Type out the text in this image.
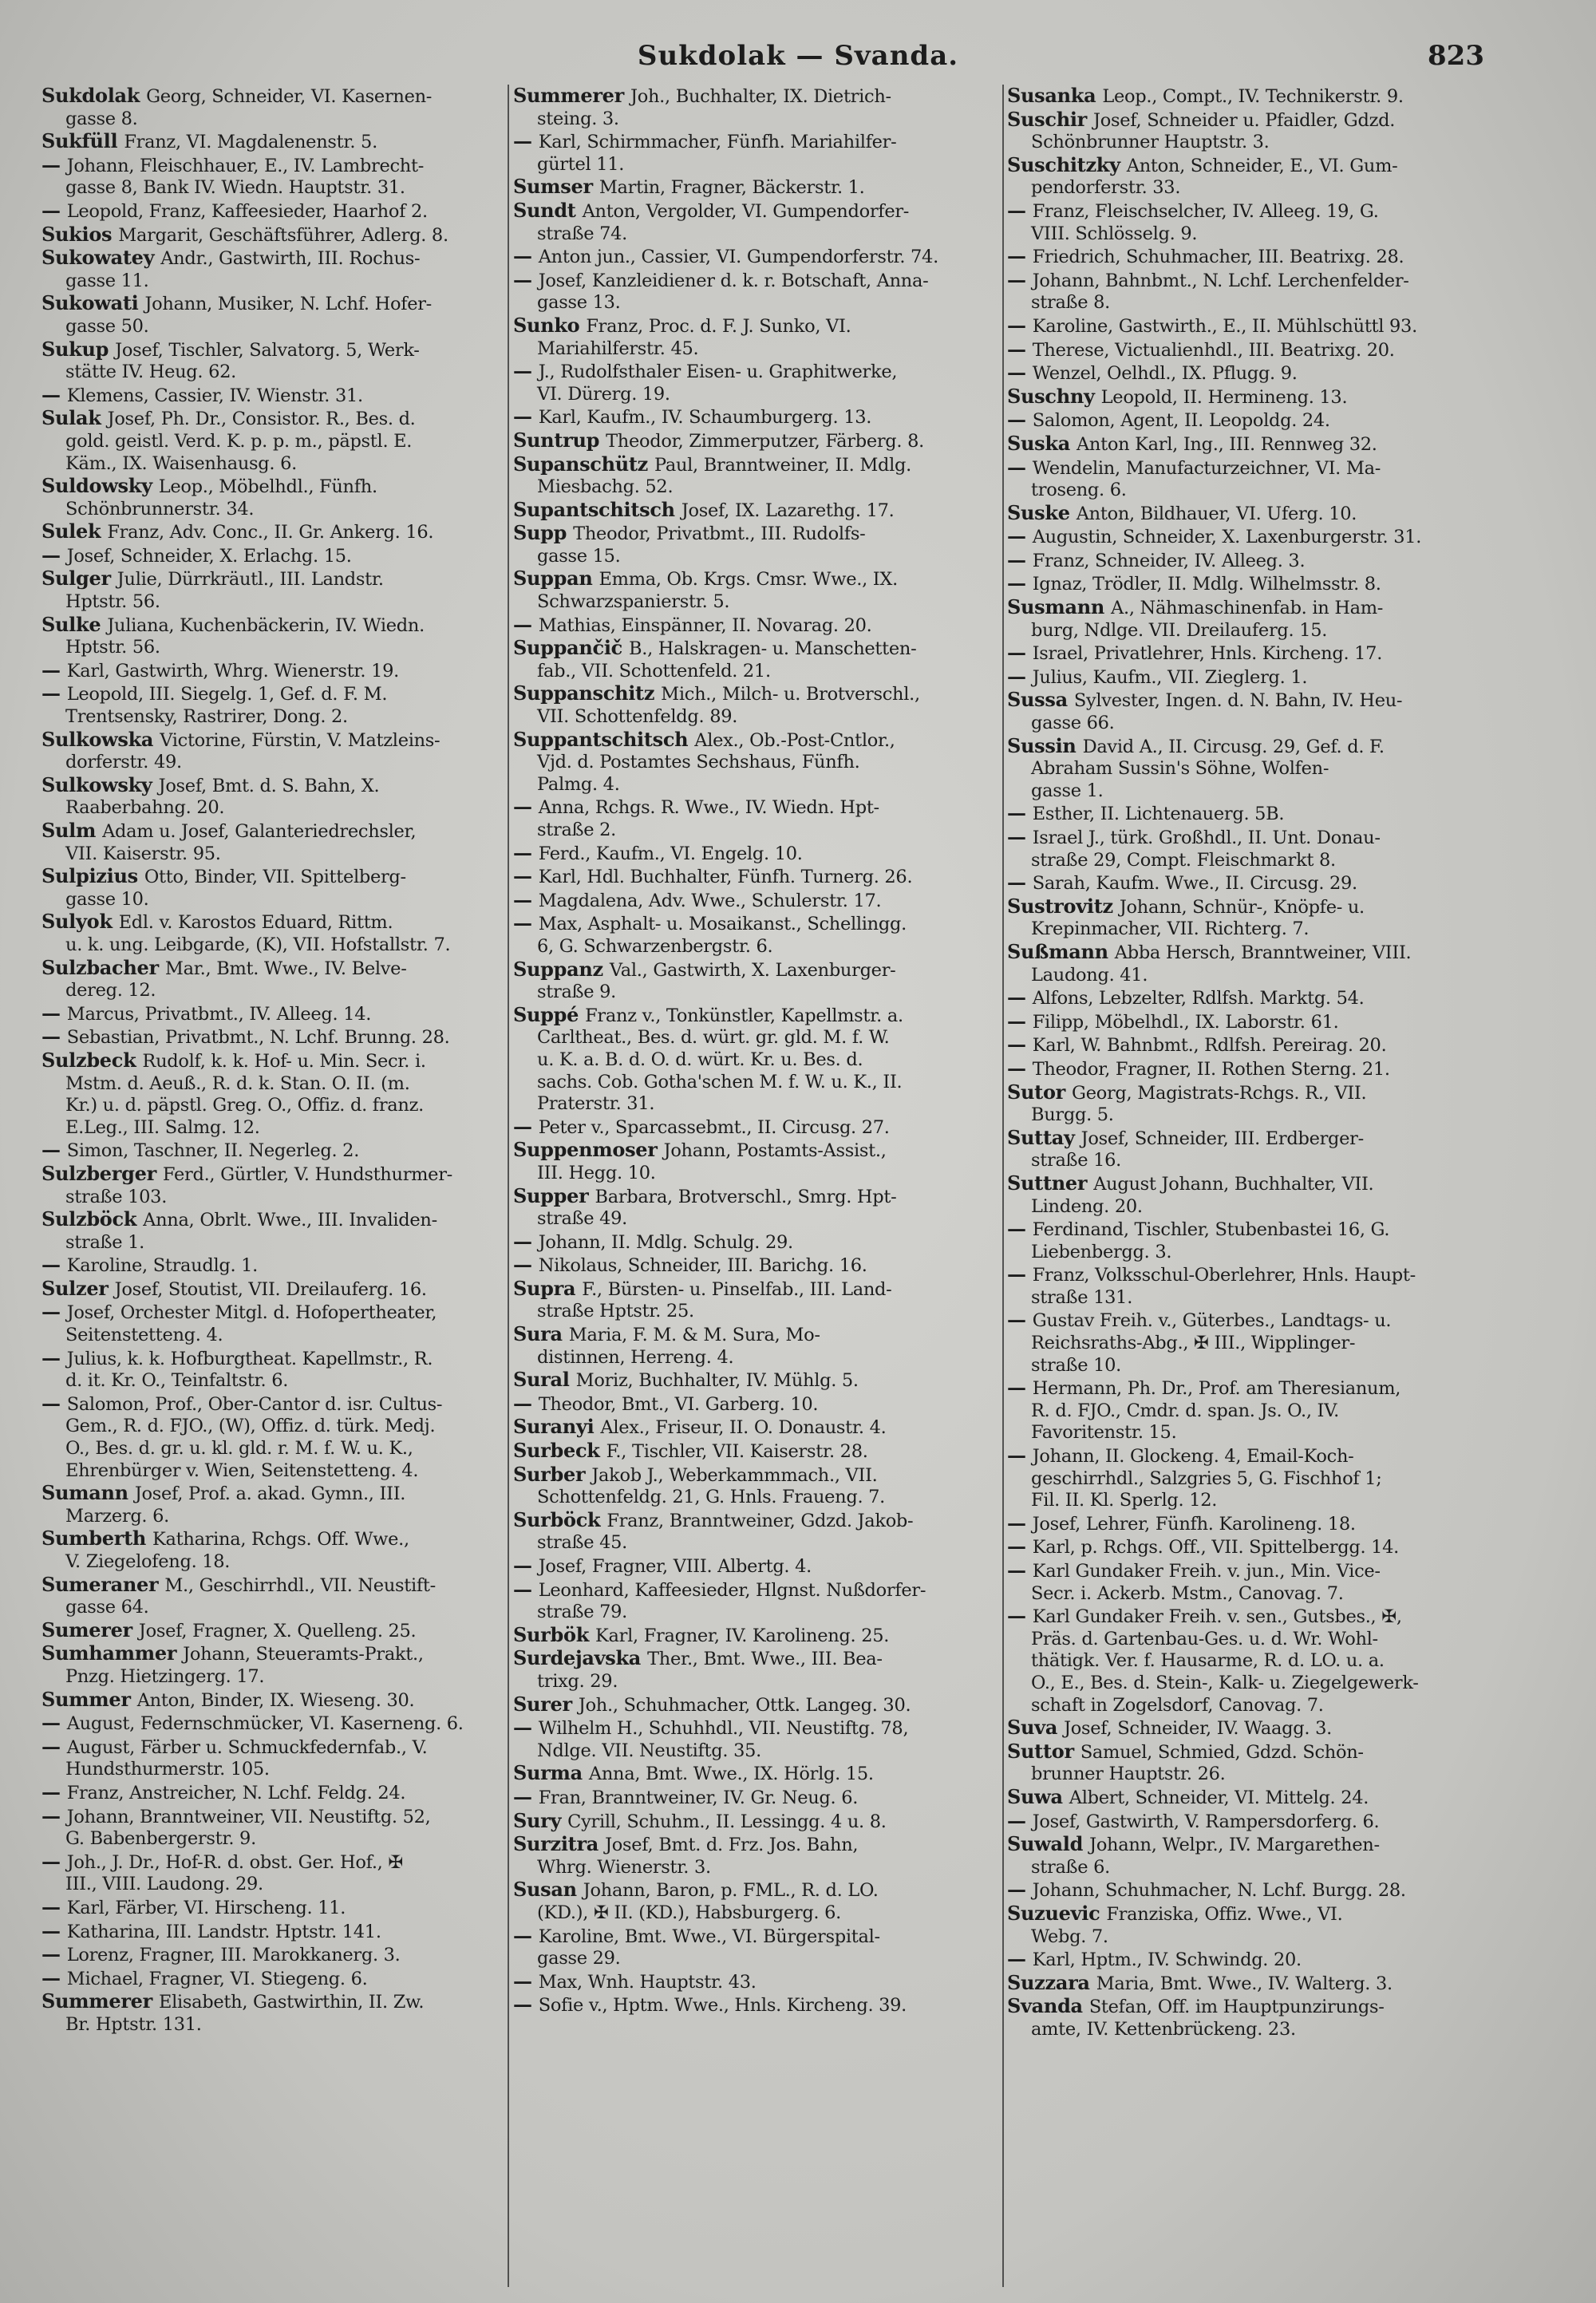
Sukdolak — Svanda.	823
Sukdolak Georg, Schneider, VI. Kasernen-
gasse 8.
Sukfüll Franz, VI. Magdalenenstr. 5.
— Johann, Fleischhauer, E., IV. Lambrecht-
gasse 8, Bank IV. Wiedn. Hauptstr. 31.
— Leopold, Franz, Kaffeesieder, Haarhof 2.
Sukios Margarit, Geschäftsführer, Adlerg. 8.
Sukowatey Andr., Gastwirth, III. Rochus-
gasse 11.
Sukowati Johann, Musiker, N. Lchf. Hofer-
gasse 50.
Sukup Josef, Tischler, Salvatorg. 5, Werk-
stätte IV. Heug. 62.
— Klemens, Cassier, IV. Wienstr. 31.
Sulak Josef, Ph. Dr., Consistor. R., Bes. d.
gold. geistl. Verd. K. p. p. m., päpstl. E.
Käm., IX. Waisenhausg. 6.
Suldowsky Leop., Möbelhdl., Fünfh.
Schönbrunnerstr. 34.
Sulek Franz, Adv. Conc., II. Gr. Ankerg. 16.
— Josef, Schneider, X. Erlachg. 15.
Sulger Julie, Dürrkräutl., III. Landstr.
Hptstr. 56.
Sulke Juliana, Kuchenbäckerin, IV. Wiedn.
Hptstr. 56.
— Karl, Gastwirth, Whrg. Wienerstr. 19.
— Leopold, III. Siegelg. 1, Gef. d. F. M.
Trentsensky, Rastrirer, Dong. 2.
Sulkowska Victorine, Fürstin, V. Matzleins-
dorferstr. 49.
Sulkowsky Josef, Bmt. d. S. Bahn, X.
Raaberbahng. 20.
Sulm Adam u. Josef, Galanteriedrechsler,
VII. Kaiserstr. 95.
Sulpizius Otto, Binder, VII. Spittelberg-
gasse 10.
Sulyok Edl. v. Karostos Eduard, Rittm.
u. k. ung. Leibgarde, (K), VII. Hofstallstr. 7.
Sulzbacher Mar., Bmt. Wwe., IV. Belve-
dereg. 12.
— Marcus, Privatbmt., IV. Alleeg. 14.
— Sebastian, Privatbmt., N. Lchf. Brunng. 28.
Sulzbeck Rudolf, k. k. Hof- u. Min. Secr. i.
Mstm. d. Aeuß., R. d. k. Stan. O. II. (m.
Kr.) u. d. päpstl. Greg. O., Offiz. d. franz.
E.Leg., III. Salmg. 12.
— Simon, Taschner, II. Negerleg. 2.
Sulzberger Ferd., Gürtler, V. Hundsthurmer-
straße 103.
Sulzböck Anna, Obrlt. Wwe., III. Invaliden-
straße 1.
— Karoline, Straudlg. 1.
Sulzer Josef, Stoutist, VII. Dreilauferg. 16.
— Josef, Orchester Mitgl. d. Hofopertheater,
Seitenstetteng. 4.
— Julius, k. k. Hofburgtheat. Kapellmstr., R.
d. it. Kr. O., Teinfaltstr. 6.
— Salomon, Prof., Ober-Cantor d. isr. Cultus-
Gem., R. d. FJO., (W), Offiz. d. türk. Medj.
O., Bes. d. gr. u. kl. gld. r. M. f. W. u. K.,
Ehrenbürger v. Wien, Seitenstetteng. 4.
Sumann Josef, Prof. a. akad. Gymn., III.
Marzerg. 6.
Sumberth Katharina, Rchgs. Off. Wwe.,
V. Ziegelofeng. 18.
Sumeraner M., Geschirrhdl., VII. Neustift-
gasse 64.
Sumerer Josef, Fragner, X. Quelleng. 25.
Sumhammer Johann, Steueramts-Prakt.,
Pnzg. Hietzingerg. 17.
Summer Anton, Binder, IX. Wieseng. 30.
— August, Federnschmücker, VI. Kaserneng. 6.
— August, Färber u. Schmuckfedernfab., V.
Hundsthurmerstr. 105.
— Franz, Anstreicher, N. Lchf. Feldg. 24.
— Johann, Branntweiner, VII. Neustiftg. 52,
G. Babenbergerstr. 9.
— Joh., J. Dr., Hof-R. d. obst. Ger. Hof., ✠
III., VIII. Laudong. 29.
— Karl, Färber, VI. Hirscheng. 11.
— Katharina, III. Landstr. Hptstr. 141.
— Lorenz, Fragner, III. Marokkanerg. 3.
— Michael, Fragner, VI. Stiegeng. 6.
Summerer Elisabeth, Gastwirthin, II. Zw.
Br. Hptstr. 131.
Summerer Joh., Buchhalter, IX. Dietrich-
steing. 3.
— Karl, Schirmmacher, Fünfh. Mariahilfer-
gürtel 11.
Sumser Martin, Fragner, Bäckerstr. 1.
Sundt Anton, Vergolder, VI. Gumpendorfer-
straße 74.
— Anton jun., Cassier, VI. Gumpendorferstr. 74.
— Josef, Kanzleidiener d. k. r. Botschaft, Anna-
gasse 13.
Sunko Franz, Proc. d. F. J. Sunko, VI.
Mariahilferstr. 45.
— J., Rudolfsthaler Eisen- u. Graphitwerke,
VI. Dürerg. 19.
— Karl, Kaufm., IV. Schaumburgerg. 13.
Suntrup Theodor, Zimmerputzer, Färberg. 8.
Supanschütz Paul, Branntweiner, II. Mdlg.
Miesbachg. 52.
Supantschitsch Josef, IX. Lazarethg. 17.
Supp Theodor, Privatbmt., III. Rudolfs-
gasse 15.
Suppan Emma, Ob. Krgs. Cmsr. Wwe., IX.
Schwarzspanierstr. 5.
— Mathias, Einspänner, II. Novarag. 20.
Suppančič B., Halskragen- u. Manschetten-
fab., VII. Schottenfeld. 21.
Suppanschitz Mich., Milch- u. Brotverschl.,
VII. Schottenfeldg. 89.
Suppantschitsch Alex., Ob.-Post-Cntlor.,
Vjd. d. Postamtes Sechshaus, Fünfh.
Palmg. 4.
— Anna, Rchgs. R. Wwe., IV. Wiedn. Hpt-
straße 2.
— Ferd., Kaufm., VI. Engelg. 10.
— Karl, Hdl. Buchhalter, Fünfh. Turnerg. 26.
— Magdalena, Adv. Wwe., Schulerstr. 17.
— Max, Asphalt- u. Mosaikanst., Schellingg.
6, G. Schwarzenbergstr. 6.
Suppanz Val., Gastwirth, X. Laxenburger-
straße 9.
Suppé Franz v., Tonkünstler, Kapellmstr. a.
Carltheat., Bes. d. würt. gr. gld. M. f. W.
u. K. a. B. d. O. d. würt. Kr. u. Bes. d.
sachs. Cob. Gotha'schen M. f. W. u. K., II.
Praterstr. 31.
— Peter v., Sparcassebmt., II. Circusg. 27.
Suppenmoser Johann, Postamts-Assist.,
III. Hegg. 10.
Supper Barbara, Brotverschl., Smrg. Hpt-
straße 49.
— Johann, II. Mdlg. Schulg. 29.
— Nikolaus, Schneider, III. Barichg. 16.
Supra F., Bürsten- u. Pinselfab., III. Land-
straße Hptstr. 25.
Sura Maria, F. M. & M. Sura, Mo-
distinnen, Herreng. 4.
Sural Moriz, Buchhalter, IV. Mühlg. 5.
— Theodor, Bmt., VI. Garberg. 10.
Suranyi Alex., Friseur, II. O. Donaustr. 4.
Surbeck F., Tischler, VII. Kaiserstr. 28.
Surber Jakob J., Weberkammmach., VII.
Schottenfeldg. 21, G. Hnls. Fraueng. 7.
Surböck Franz, Branntweiner, Gdzd. Jakob-
straße 45.
— Josef, Fragner, VIII. Albertg. 4.
— Leonhard, Kaffeesieder, Hlgnst. Nußdorfer-
straße 79.
Surbök Karl, Fragner, IV. Karolineng. 25.
Surdejavska Ther., Bmt. Wwe., III. Bea-
trixg. 29.
Surer Joh., Schuhmacher, Ottk. Langeg. 30.
— Wilhelm H., Schuhhdl., VII. Neustiftg. 78,
Ndlge. VII. Neustiftg. 35.
Surma Anna, Bmt. Wwe., IX. Hörlg. 15.
— Fran, Branntweiner, IV. Gr. Neug. 6.
Sury Cyrill, Schuhm., II. Lessingg. 4 u. 8.
Surzitra Josef, Bmt. d. Frz. Jos. Bahn,
Whrg. Wienerstr. 3.
Susan Johann, Baron, p. FML., R. d. LO.
(KD.), ✠ II. (KD.), Habsburgerg. 6.
— Karoline, Bmt. Wwe., VI. Bürgerspital-
gasse 29.
— Max, Wnh. Hauptstr. 43.
— Sofie v., Hptm. Wwe., Hnls. Kircheng. 39.
Susanka Leop., Compt., IV. Technikerstr. 9.
Suschir Josef, Schneider u. Pfaidler, Gdzd.
Schönbrunner Hauptstr. 3.
Suschitzky Anton, Schneider, E., VI. Gum-
pendorferstr. 33.
— Franz, Fleischselcher, IV. Alleeg. 19, G.
VIII. Schlösselg. 9.
— Friedrich, Schuhmacher, III. Beatrixg. 28.
— Johann, Bahnbmt., N. Lchf. Lerchenfelder-
straße 8.
— Karoline, Gastwirth., E., II. Mühlschüttl 93.
— Therese, Victualienhdl., III. Beatrixg. 20.
— Wenzel, Oelhdl., IX. Pflugg. 9.
Suschny Leopold, II. Hermineng. 13.
— Salomon, Agent, II. Leopoldg. 24.
Suska Anton Karl, Ing., III. Rennweg 32.
— Wendelin, Manufacturzeichner, VI. Ma-
troseng. 6.
Suske Anton, Bildhauer, VI. Uferg. 10.
— Augustin, Schneider, X. Laxenburgerstr. 31.
— Franz, Schneider, IV. Alleeg. 3.
— Ignaz, Trödler, II. Mdlg. Wilhelmsstr. 8.
Susmann A., Nähmaschinenfab. in Ham-
burg, Ndlge. VII. Dreilauferg. 15.
— Israel, Privatlehrer, Hnls. Kircheng. 17.
— Julius, Kaufm., VII. Zieglerg. 1.
Sussa Sylvester, Ingen. d. N. Bahn, IV. Heu-
gasse 66.
Sussin David A., II. Circusg. 29, Gef. d. F.
Abraham Sussin's Söhne, Wolfen-
gasse 1.
— Esther, II. Lichtenauerg. 5B.
— Israel J., türk. Großhdl., II. Unt. Donau-
straße 29, Compt. Fleischmarkt 8.
— Sarah, Kaufm. Wwe., II. Circusg. 29.
Sustrovitz Johann, Schnür-, Knöpfe- u.
Krepinmacher, VII. Richterg. 7.
Sußmann Abba Hersch, Branntweiner, VIII.
Laudong. 41.
— Alfons, Lebzelter, Rdlfsh. Marktg. 54.
— Filipp, Möbelhdl., IX. Laborstr. 61.
— Karl, W. Bahnbmt., Rdlfsh. Pereirag. 20.
— Theodor, Fragner, II. Rothen Sterng. 21.
Sutor Georg, Magistrats-Rchgs. R., VII.
Burgg. 5.
Suttay Josef, Schneider, III. Erdberger-
straße 16.
Suttner August Johann, Buchhalter, VII.
Lindeng. 20.
— Ferdinand, Tischler, Stubenbastei 16, G.
Liebenbergg. 3.
— Franz, Volksschul-Oberlehrer, Hnls. Haupt-
straße 131.
— Gustav Freih. v., Güterbes., Landtags- u.
Reichsraths-Abg., ✠ III., Wipplinger-
straße 10.
— Hermann, Ph. Dr., Prof. am Theresianum,
R. d. FJO., Cmdr. d. span. Js. O., IV.
Favoritenstr. 15.
— Johann, II. Glockeng. 4, Email-Koch-
geschirrhdl., Salzgries 5, G. Fischhof 1;
Fil. II. Kl. Sperlg. 12.
— Josef, Lehrer, Fünfh. Karolineng. 18.
— Karl, p. Rchgs. Off., VII. Spittelbergg. 14.
— Karl Gundaker Freih. v. jun., Min. Vice-
Secr. i. Ackerb. Mstm., Canovag. 7.
— Karl Gundaker Freih. v. sen., Gutsbes., ✠,
Präs. d. Gartenbau-Ges. u. d. Wr. Wohl-
thätigk. Ver. f. Hausarme, R. d. LO. u. a.
O., E., Bes. d. Stein-, Kalk- u. Ziegelgewerk-
schaft in Zogelsdorf, Canovag. 7.
Suva Josef, Schneider, IV. Waagg. 3.
Suttor Samuel, Schmied, Gdzd. Schön-
brunner Hauptstr. 26.
Suwa Albert, Schneider, VI. Mittelg. 24.
— Josef, Gastwirth, V. Rampersdorferg. 6.
Suwald Johann, Welpr., IV. Margarethen-
straße 6.
— Johann, Schuhmacher, N. Lchf. Burgg. 28.
Suzuevic Franziska, Offiz. Wwe., VI.
Webg. 7.
— Karl, Hptm., IV. Schwindg. 20.
Suzzara Maria, Bmt. Wwe., IV. Walterg. 3.
Svanda Stefan, Off. im Hauptpunzirungs-
amte, IV. Kettenbrückeng. 23.
